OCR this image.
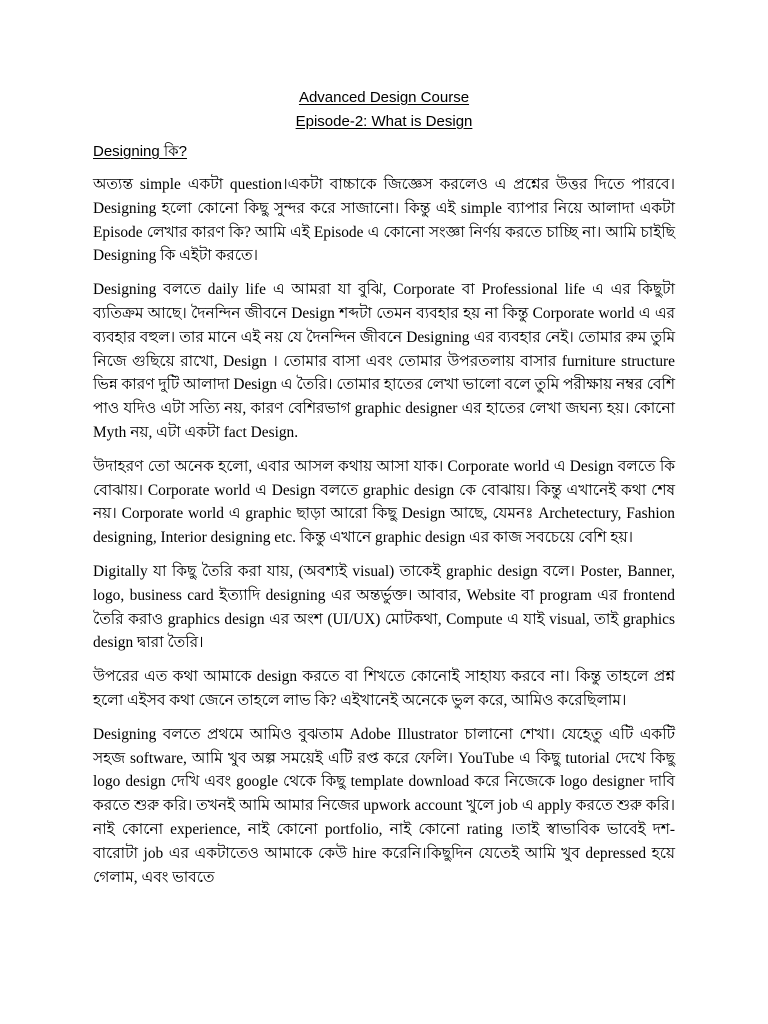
Advanced Design Course

Episode-2: What is Design

Designing কি?

অত্যন্ত simple একটা question।একটা বাচ্চাকে জিজ্ঞেস করলেও এ প্রশ্নের উত্তর দিতে পারবে। Designing হলো কোনো কিছু সুন্দর করে সাজানো। কিন্তু এই simple ব্যাপার নিয়ে আলাদা একটা Episode লেখার কারণ কি? আমি এই Episode এ কোনো সংজ্ঞা নির্ণয় করতে চাচ্ছি না। আমি চাইছি Designing কি এইটা করতে।

Designing বলতে daily life এ আমরা যা বুঝি, Corporate বা Professional life এ এর কিছুটা ব্যতিক্রম আছে। দৈনন্দিন জীবনে Design শব্দটা তেমন ব্যবহার হয় না কিন্তু Corporate world এ এর ব্যবহার বহুল। তার মানে এই নয় যে দৈনন্দিন জীবনে Designing এর ব্যবহার নেই। তোমার রুম তুমি নিজে গুছিয়ে রাখো, Design । তোমার বাসা এবং তোমার উপরতলায় বাসার furniture structure ভিন্ন কারণ দুটি আলাদা Design এ তৈরি। তোমার হাতের লেখা ভালো বলে তুমি পরীক্ষায় নম্বর বেশি পাও যদিও এটা সত্যি নয়, কারণ বেশিরভাগ graphic designer এর হাতের লেখা জঘন্য হয়। কোনো Myth নয়, এটা একটা fact Design.

উদাহরণ তো অনেক হলো, এবার আসল কথায় আসা যাক। Corporate world এ Design বলতে কি বোঝায়। Corporate world এ Design বলতে graphic design কে বোঝায়। কিন্তু এখানেই কথা শেষ নয়। Corporate world এ graphic ছাড়া আরো কিছু Design আছে, যেমনঃ Archetectury, Fashion designing, Interior designing etc. কিন্তু এখানে graphic design এর কাজ সবচেয়ে বেশি হয়।

Digitally যা কিছু তৈরি করা যায়, (অবশ্যই visual) তাকেই graphic design বলে। Poster, Banner, logo, business card ইত্যাদি designing এর অন্তর্ভুক্ত। আবার, Website বা program এর frontend তৈরি করাও graphics design এর অংশ (UI/UX) মোটকথা, Compute এ যাই visual, তাই graphics design দ্বারা তৈরি।

উপরের এত কথা আমাকে design করতে বা শিখতে কোনোই সাহায্য করবে না। কিন্তু তাহলে প্রশ্ন হলো এইসব কথা জেনে তাহলে লাভ কি? এইখানেই অনেকে ভুল করে, আমিও করেছিলাম।

Designing বলতে প্রথমে আমিও বুঝতাম Adobe Illustrator চালানো শেখা। যেহেতু এটি একটি সহজ software, আমি খুব অল্প সময়েই এটি রপ্ত করে ফেলি। YouTube এ কিছু tutorial দেখে কিছু logo design দেখি এবং google থেকে কিছু template download করে নিজেকে logo designer দাবি করতে শুরু করি। তখনই আমি আমার নিজের upwork account খুলে job এ apply করতে শুরু করি। নাই কোনো experience, নাই কোনো portfolio, নাই কোনো rating ।তাই স্বাভাবিক ভাবেই দশ-বারোটা job এর একটাতেও আমাকে কেউ hire করেনি।কিছুদিন যেতেই আমি খুব depressed হয়ে গেলাম, এবং ভাবতে
